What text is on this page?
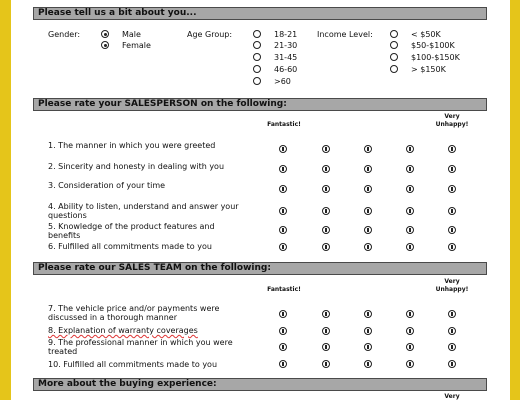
Please tell us a bit about you...
Gender:	Male
Female
Age Group:	18-21
21-30
31-45
46-60
>60
Income Level:	< $50K
$50-$100K
$100-$150K
> $150K
Please rate your SALESPERSON on the following:
Fantastic!
Very
Unhappy!
1. The manner in which you were greeted
2. Sincerity and honesty in dealing with you
3. Consideration of your time
4. Ability to listen, understand and answer your questions
5. Knowledge of the product features and benefits
6. Fulfilled all commitments made to you
Please rate our SALES TEAM on the following:
Fantastic!
Very
Unhappy!
7. The vehicle price and/or payments were discussed in a thorough manner
8. Explanation of warranty coverages
9. The professional manner in which you were treated
10. Fulfilled all commitments made to you
More about the buying experience:
Very
